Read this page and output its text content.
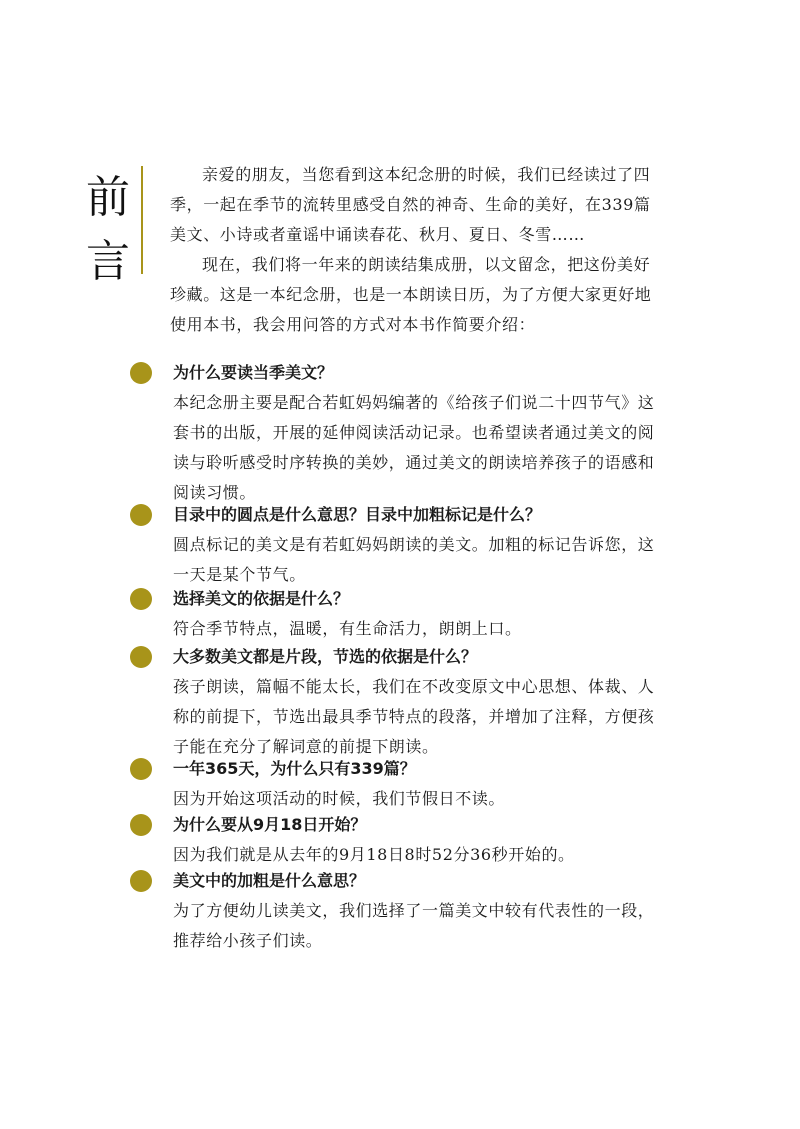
前
言

亲爱的朋友，当您看到这本纪念册的时候，我们已经读过了四季，一起在季节的流转里感受自然的神奇、生命的美好，在339篇美文、小诗或者童谣中诵读春花、秋月、夏日、冬雪……

现在，我们将一年来的朗读结集成册，以文留念，把这份美好珍藏。这是一本纪念册，也是一本朗读日历，为了方便大家更好地使用本书，我会用问答的方式对本书作简要介绍：

为什么要读当季美文？
本纪念册主要是配合若虹妈妈编著的《给孩子们说二十四节气》这套书的出版，开展的延伸阅读活动记录。也希望读者通过美文的阅读与聆听感受时序转换的美妙，通过美文的朗读培养孩子的语感和阅读习惯。
目录中的圆点是什么意思？目录中加粗标记是什么？
圆点标记的美文是有若虹妈妈朗读的美文。加粗的标记告诉您，这一天是某个节气。
选择美文的依据是什么？
符合季节特点，温暖，有生命活力，朗朗上口。
大多数美文都是片段，节选的依据是什么？
孩子朗读，篇幅不能太长，我们在不改变原文中心思想、体裁、人称的前提下，节选出最具季节特点的段落，并增加了注释，方便孩子能在充分了解词意的前提下朗读。
一年365天，为什么只有339篇？
因为开始这项活动的时候，我们节假日不读。
为什么要从9月18日开始？
因为我们就是从去年的9月18日8时52分36秒开始的。
美文中的加粗是什么意思？
为了方便幼儿读美文，我们选择了一篇美文中较有代表性的一段，推荐给小孩子们读。
